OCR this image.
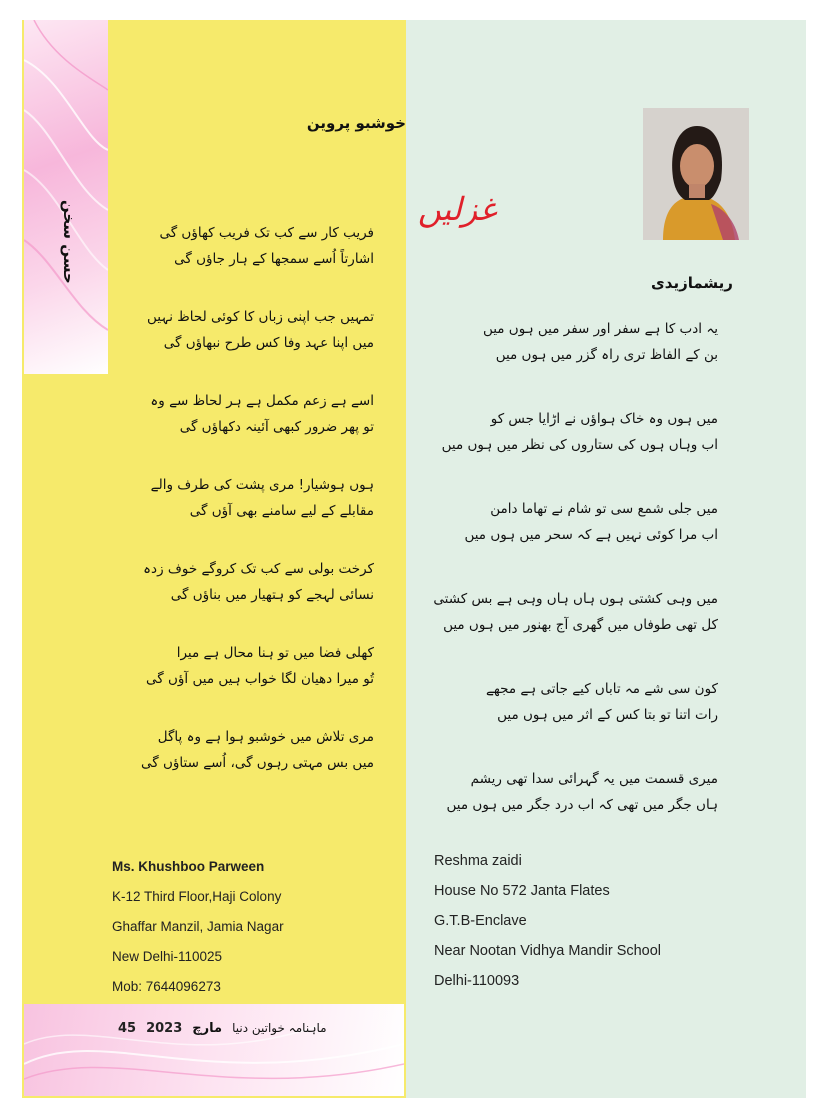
حسن سخن
خوشبو پروین
غزلیں
فریب کار سے کب تک فریب کھاؤں گی
اشارتاً اُسے سمجھا کے ہار جاؤں گی
تمہیں جب اپنی زباں کا کوئی لحاظ نہیں
میں اپنا عہد وفا کس طرح نبھاؤں گی
اسے ہے زعم مکمل ہے ہر لحاظ سے وہ
تو پھر ضرور کبھی آئینہ دکھاؤں گی
ہوں ہوشیار! مری پشت کی طرف والے
مقابلے کے لیے سامنے بھی آؤں گی
کرخت بولی سے کب تک کروگے خوف زدہ
نسائی لہجے کو ہتھیار میں بناؤں گی
کھلی فضا میں تو ہنا محال ہے میرا
تُو میرا دھیان لگا خواب ہیں میں آؤں گی
مری تلاش میں خوشبو ہوا ہے وہ پاگل
میں بس مہتی رہوں گی، اُسے ستاؤں گی
ریشمازیدی
یہ ادب کا ہے سفر اور سفر میں ہوں میں
بن کے الفاظ تری راہ گزر میں ہوں میں
میں ہوں وہ خاک ہواؤں نے اڑایا جس کو
اب وہاں ہوں کی ستاروں کی نظر میں ہوں میں
میں جلی شمع سی تو شام نے تھاما دامن
اب مرا کوئی نہیں ہے کہ سحر میں ہوں میں
میں وہی کشتی ہوں ہاں ہاں وہی ہے بس کشتی
کل تھی طوفاں میں گھری آج بھنور میں ہوں میں
کون سی شے مہ تاباں کیے جاتی ہے مجھے
رات اتنا تو بتا کس کے اثر میں ہوں میں
میری قسمت میں یہ گہرائی سدا تھی ریشم
ہاں جگر میں تھی کہ اب درد جگر میں ہوں میں
Ms. Khushboo Parween
K-12 Third Floor,Haji Colony
Ghaffar Manzil, Jamia Nagar
New Delhi-110025
Mob: 7644096273
Reshma zaidi
House No 572 Janta Flates
G.T.B-Enclave
Near Nootan Vidhya Mandir School
Delhi-110093
45 2023 مارچ ماہنامہ خواتین دنیا
